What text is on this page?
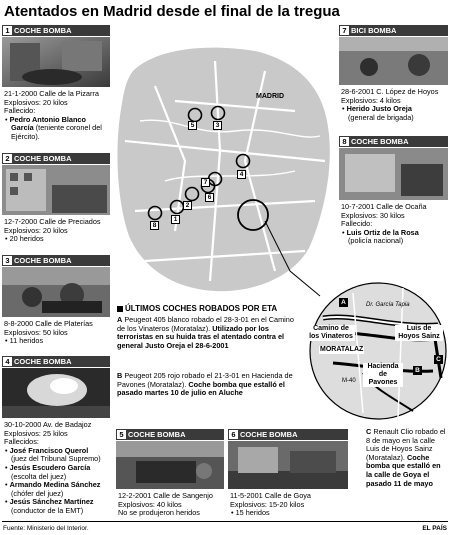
Atentados en Madrid desde el final de la tregua
1 COCHE BOMBA
21-1-2000 Calle de la Pizarra
Explosivos: 20 kilos
Fallecido:
• Pedro Antonio Blanco García (teniente coronel del Ejército).
2 COCHE BOMBA
12-7-2000 Calle de Preciados
Explosivos: 20 kilos
• 20 heridos
3 COCHE BOMBA
8-8-2000 Calle de Platerías
Explosivos: 50 kilos
• 11 heridos
4 COCHE BOMBA
30-10-2000 Av. de Badajoz
Explosivos: 25 kilos
Fallecidos:
• José Francisco Querol
(juez del Tribunal Supremo)
• Jesús Escudero García
(escolta del juez)
• Armando Medina Sánchez
(chófer del juez)
• Jesús Sánchez Martínez
(conductor de la EMT)
7 BICI BOMBA
28-6-2001 C. López de Hoyos
Explosivos: 4 kilos
• Herido Justo Oreja
(general de brigada)
8 COCHE BOMBA
10-7-2001 Calle de Ocaña
Explosivos: 30 kilos
Fallecido:
• Luis Ortiz de la Rosa
(policía nacional)
MADRID
5	3
7
4
6
2
1
8
ÚLTIMOS COCHES ROBADOS POR ETA
A Peugeot 405 blanco robado el 28-3-01 en el Camino de los Vinateros (Moratalaz). Utilizado por los terroristas en su huida tras el atentado contra el general Justo Oreja el 28-6-2001
B Peugeot 205 rojo robado el 21-3-01 en Hacienda de Pavones (Moratalaz). Coche bomba que estalló el pasado martes 10 de julio en Aluche
C Renault Clio robado el 8 de mayo en la calle Luis de Hoyos Sainz (Moratalaz). Coche bomba que estalló en la calle de Goya el pasado 11 de mayo
Dr. García Tapia
Camino de los Vinateros
Luis de Hoyos Sainz
MORATALAZ
M-40
Hacienda de Pavones
A
B
C
5 COCHE BOMBA
12-2-2001 Calle de Sangenjo
Explosivos: 40 kilos
No se produjeron heridos
6 COCHE BOMBA
11-5-2001 Calle de Goya
Explosivos: 15-20 kilos
• 15 heridos
Fuente: Ministerio del Interior.	EL PAÍS
